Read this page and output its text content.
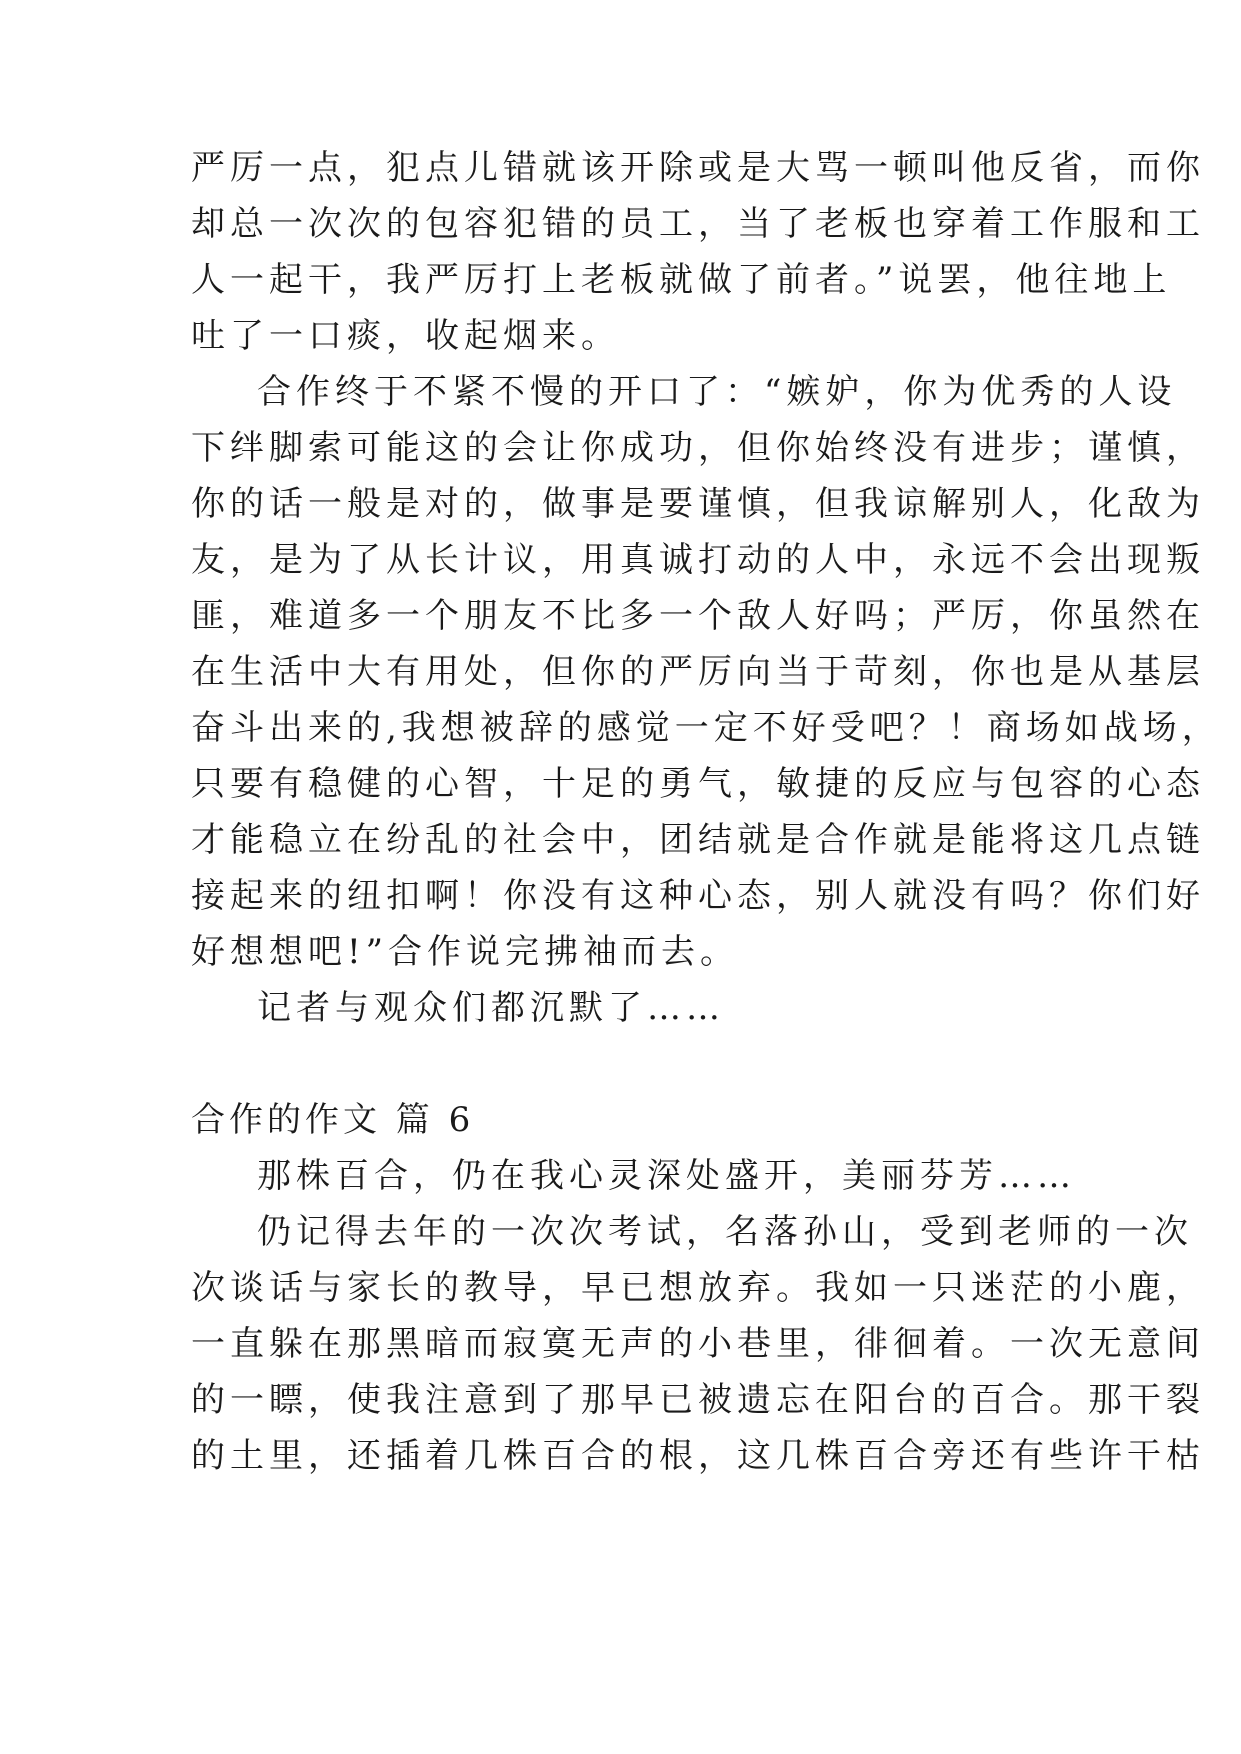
严厉一点，犯点儿错就该开除或是大骂一顿叫他反省，而你
却总一次次的包容犯错的员工，当了老板也穿着工作服和工
人一起干，我严厉打上老板就做了前者。”说罢，他往地上
吐了一口痰，收起烟来。
合作终于不紧不慢的开口了：“嫉妒，你为优秀的人设
下绊脚索可能这的会让你成功，但你始终没有进步；谨慎，
你的话一般是对的，做事是要谨慎，但我谅解别人，化敌为
友，是为了从长计议，用真诚打动的人中，永远不会出现叛
匪，难道多一个朋友不比多一个敌人好吗；严厉，你虽然在
在生活中大有用处，但你的严厉向当于苛刻，你也是从基层
奋斗出来的,我想被辞的感觉一定不好受吧？！商场如战场，
只要有稳健的心智，十足的勇气，敏捷的反应与包容的心态
才能稳立在纷乱的社会中，团结就是合作就是能将这几点链
接起来的纽扣啊！你没有这种心态，别人就没有吗？你们好
好想想吧!”合作说完拂袖而去。
记者与观众们都沉默了……
合作的作文 篇 6
那株百合，仍在我心灵深处盛开，美丽芬芳……
仍记得去年的一次次考试，名落孙山，受到老师的一次
次谈话与家长的教导，早已想放弃。我如一只迷茫的小鹿，
一直躲在那黑暗而寂寞无声的小巷里，徘徊着。一次无意间
的一瞟，使我注意到了那早已被遗忘在阳台的百合。那干裂
的土里，还插着几株百合的根，这几株百合旁还有些许干枯
